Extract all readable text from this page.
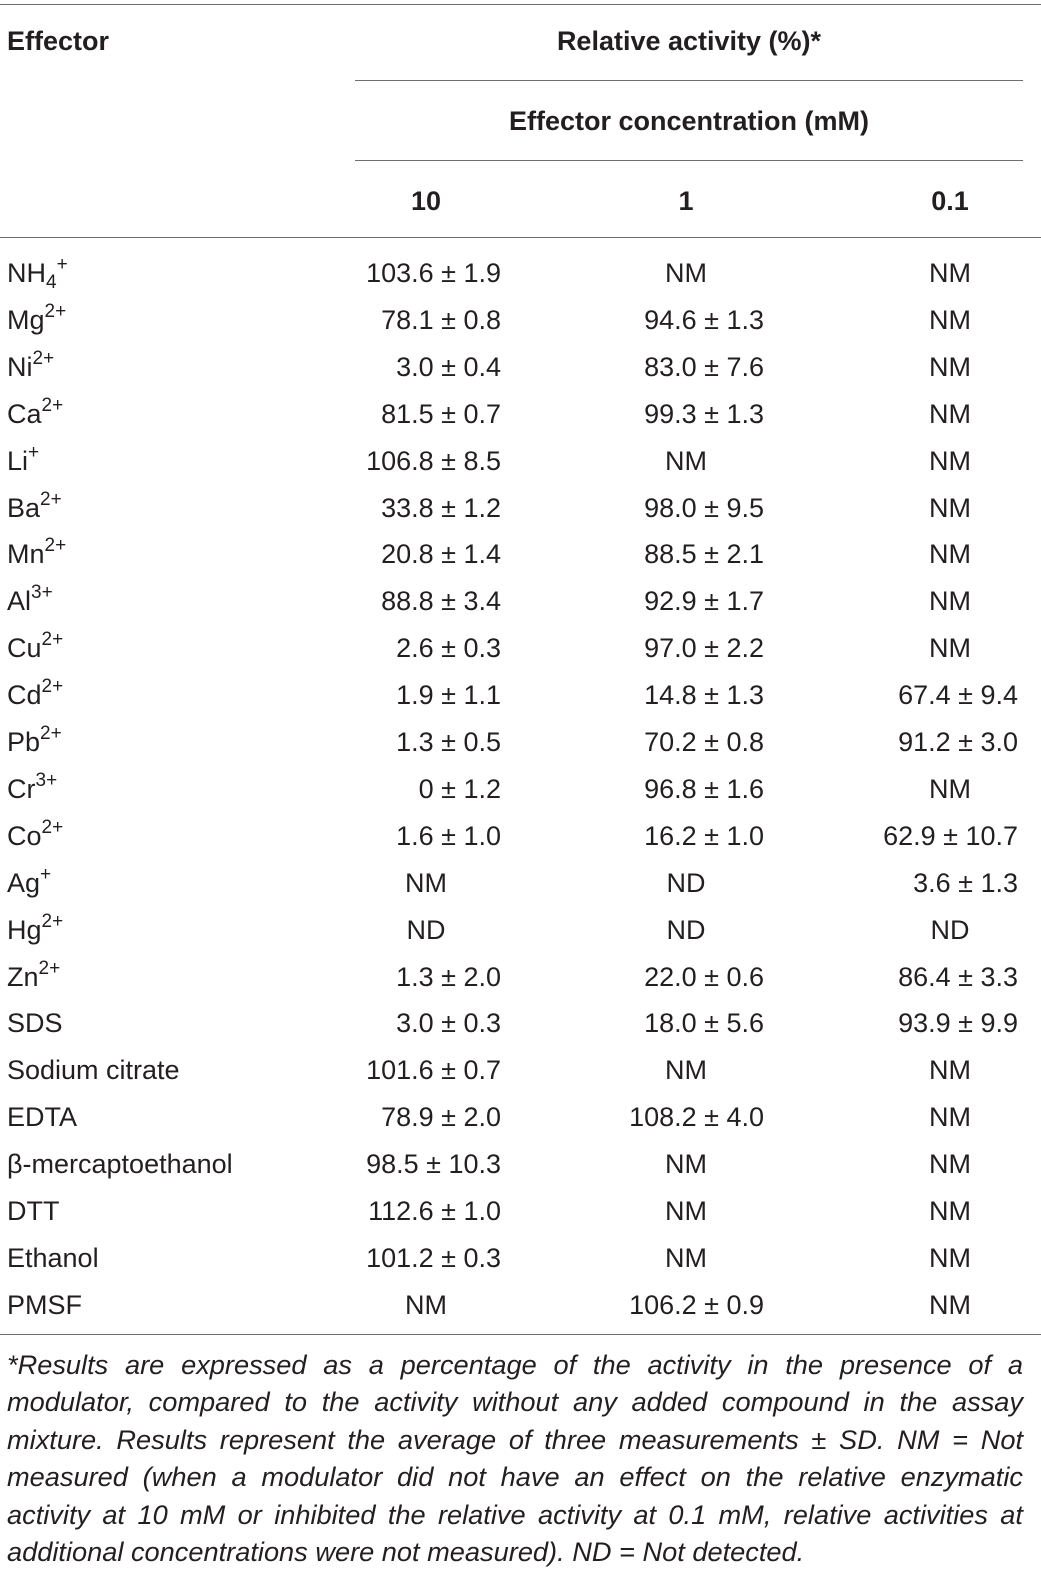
Effector	Relative activity (%)*
Effector concentration (mM)
10	1	0.1
$NH_4^+$	103.6 ± 1.9	NM	NM
$Mg^{2+}$	78.1 ± 0.8	94.6 ± 1.3	NM
$Ni^{2+}$	3.0 ± 0.4	83.0 ± 7.6	NM
$Ca^{2+}$	81.5 ± 0.7	99.3 ± 1.3	NM
Li+	106.8 ± 8.5	NM	NM
$Ba^{2+}$	33.8 ± 1.2	98.0 ± 9.5	NM
$Mn^{2+}$	20.8 ± 1.4	88.5 ± 2.1	NM
$Al^{3+}$	88.8 ± 3.4	92.9 ± 1.7	NM
$Cu^{2+}$	2.6 ± 0.3	97.0 ± 2.2	NM
$Cd^{2+}$	1.9 ± 1.1	14.8 ± 1.3	67.4 ± 9.4
$Pb^{2+}$	1.3 ± 0.5	70.2 ± 0.8	91.2 ± 3.0
$Cr^{3+}$	0 ± 1.2	96.8 ± 1.6	NM
$Co^{2+}$	1.6 ± 1.0	16.2 ± 1.0	62.9 ± 10.7
Ag+	NM	ND	3.6 ± 1.3
$Hg^{2+}$	ND	ND	ND
$Zn^{2+}$	1.3 ± 2.0	22.0 ± 0.6	86.4 ± 3.3
SDS	3.0 ± 0.3	18.0 ± 5.6	93.9 ± 9.9
Sodium citrate	101.6 ± 0.7	NM	NM
EDTA	78.9 ± 2.0	108.2 ± 4.0	NM
β-mercaptoethanol	98.5 ± 10.3	NM	NM
DTT	112.6 ± 1.0	NM	NM
Ethanol	101.2 ± 0.3	NM	NM
PMSF	NM	106.2 ± 0.9	NM
*Results are expressed as a percentage of the activity in the presence of a modulator, compared to the activity without any added compound in the assay mixture. Results represent the average of three measurements ± SD. NM = Not measured (when a modulator did not have an effect on the relative enzymatic activity at 10 mM or inhibited the relative activity at 0.1 mM, relative activities at additional concentrations were not measured). ND = Not detected.
